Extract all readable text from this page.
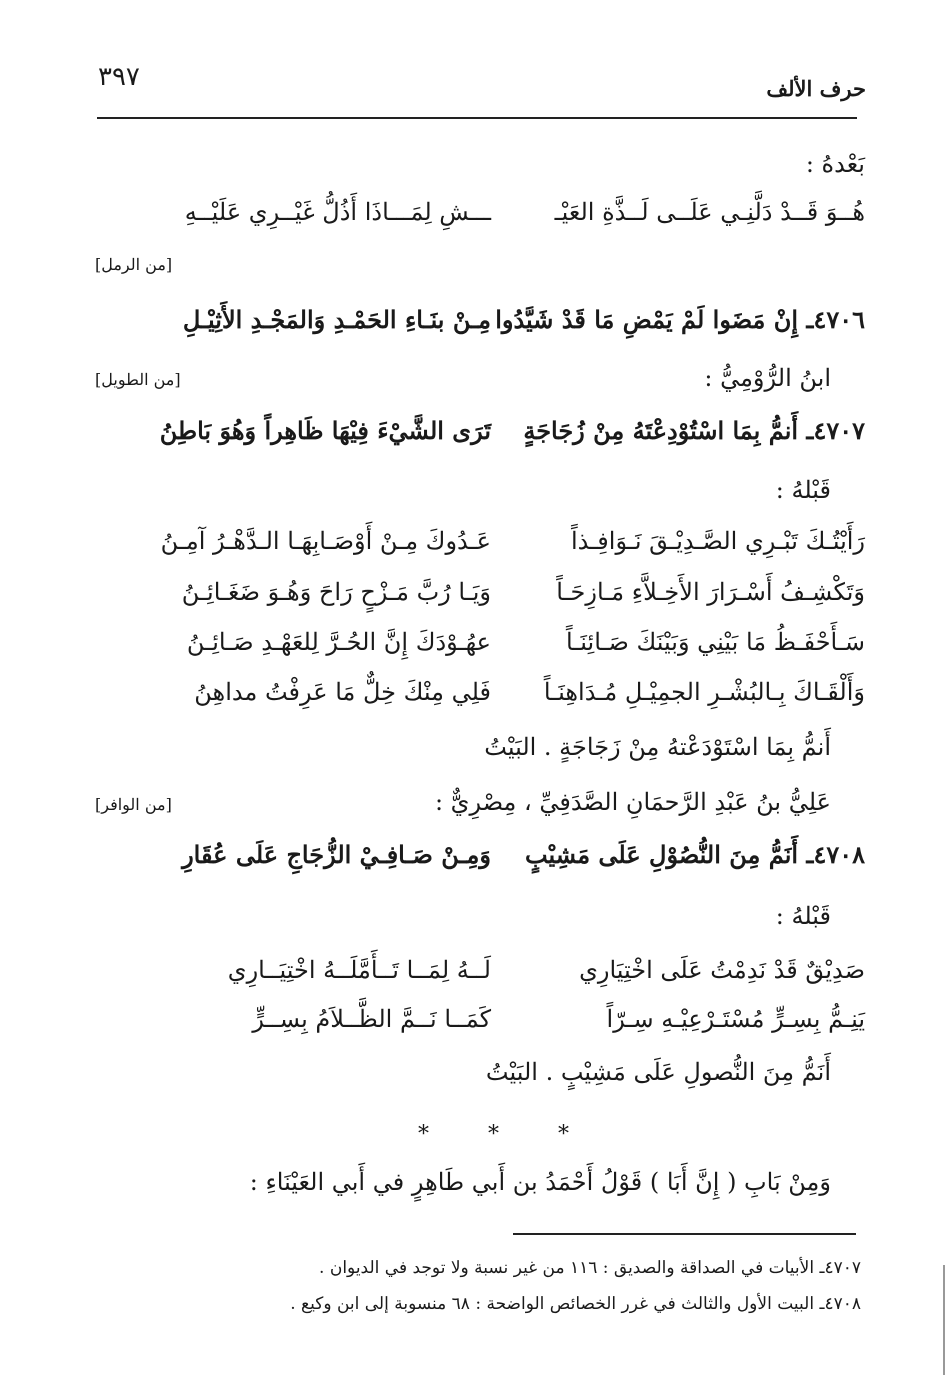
٣٩٧	حرف الألف
بَعْدهُ :
هُــوَ قَــدْ دَلَّنِـي عَلَــى لَــذَّةِ العَيْـ
ـــشِ لِمَـــاذَا أَذُلُّ غَيْــرِي عَلَيْــهِ
[من الرمل]
٤٧٠٦ـ إِنْ مَضَوا لَمْ يَمْضِ مَا قَدْ شَيَّدُوا
مِـنْ بنَـاءِ الحَمْـدِ وَالمَجْـدِ الأَثِيْـلِ
ابنُ الرُّوْمِيُّ :
[من الطويل]
٤٧٠٧ـ أَنمُّ بِمَا اسْتُوْدِعْتَهُ مِنْ زُجَاجَةٍ
تَرَى الشَّيْءَ فِيْهَا ظَاهِراً وَهُوَ بَاطِنُ
قَبْلهُ :
رَأَيْتُـكَ تَبْـرِي الصَّـدِيْـقَ نَـوَافِـذاً
عَـدُوكَ مِـنْ أَوْصَـابِهَـا الـدَّهْـرُ آمِـنُ
وَتَكْشِـفُ أَسْـرَارَ الأَخِـلاَّءِ مَـازِحَـاً
وَيَـا رُبَّ مَـزْحٍ رَاحَ وَهُـوَ ضَغَـائِـنُ
سَـأَحْفَـظُ مَا بَيْنِي وَبَيْنَكَ صَـائِنَـاً
عهُـوْدَكَ إِنَّ الحُـرَّ لِلعَهْـدِ صَـائِـنُ
وَأَلْقَـاكَ بِـالبُشْـرِ الجمِيْـلِ مُـدَاهِنَـاً
فَلِي مِنْكَ خِلٌّ مَا عَرِفْتُ مداهِنُ
أَنمُّ بِمَا اسْتَوْدَعْتهُ مِنْ زَجَاجَةٍ . البَيْتُ
عَلِيُّ بنُ عَبْدِ الرَّحمَانِ الصَّدَفِيِّ ، مِصْرِيٌّ :
[من الوافر]
٤٧٠٨ـ أَنَمُّ مِنَ النُّصُوْلِ عَلَى مَشِيْبٍ
وَمِـنْ صَـافِـيْ الزُّجَاجِ عَلَى عُقَارِ
قَبْلهُ :
صَدِيْقٌ قَدْ نَدِمْتُ عَلَى اخْتِيَارِي
لَــهُ لِمَــا تَــأَمَّلَــهُ اخْتِيَــارِي
يَنِـمُّ بِسِـرٍّ مُسْتَـرْعِيْـهِ سِـرّاً
كَمَــا نَــمَّ الظَّــلاَمُ بِسِــرٍّ
أَنَمُّ مِنَ النُّصولِ عَلَى مَشِيْبٍ . البَيْتُ
* * *
وَمِنْ بَابِ ( إِنَّ أَبَا ) قَوْلُ أَحْمَدُ بن أَبي طَاهِرٍ في أَبي العَيْنَاءِ :
٤٧٠٧ـ الأبيات في الصداقة والصديق : ١١٦ من غير نسبة ولا توجد في الديوان .
٤٧٠٨ـ البيت الأول والثالث في غرر الخصائص الواضحة : ٦٨ منسوبة إلى ابن وكيع .
